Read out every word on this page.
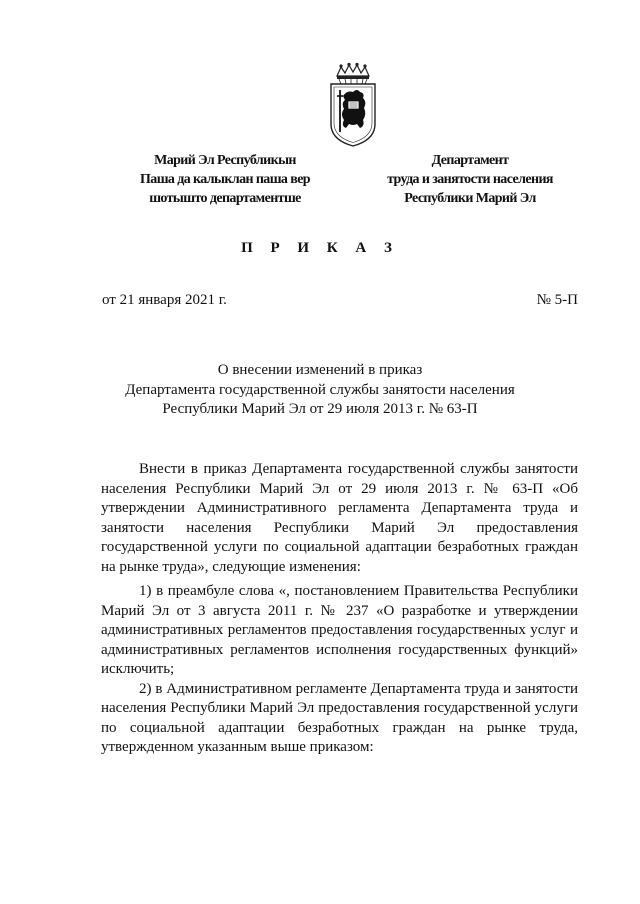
Марий Эл Республикын
Паша да калыклан паша вер
шотышто департаментше
Департамент
труда и занятости населения
Республики Марий Эл
П Р И К А З
от 21 января 2021 г.	№ 5-П
О внесении изменений в приказ
Департамента государственной службы занятости населения
Республики Марий Эл от 29 июля 2013 г. № 63-П

Внести в приказ Департамента государственной службы занятости населения Республики Марий Эл от 29 июля 2013 г. № 63-П «Об утверждении Административного регламента Департамента труда и занятости населения Республики Марий Эл предоставления государственной услуги по социальной адаптации безработных граждан на рынке труда», следующие изменения:

1) в преамбуле слова «, постановлением Правительства Республики Марий Эл от 3 августа 2011 г. № 237 «О разработке и утверждении административных регламентов предоставления государственных услуг и административных регламентов исполнения государственных функций» исключить;

2) в Административном регламенте Департамента труда и занятости населения Республики Марий Эл предоставления государственной услуги по социальной адаптации безработных граждан на рынке труда, утвержденном указанным выше приказом:
